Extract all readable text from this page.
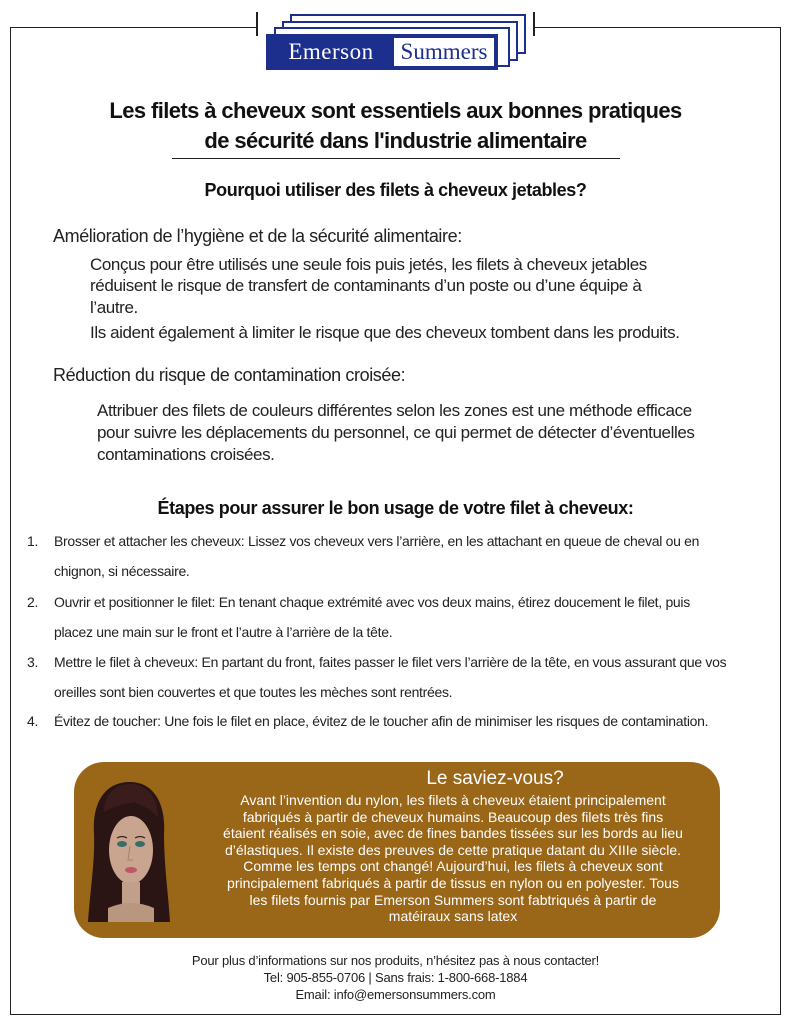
Emerson	Summers
Les filets à cheveux sont essentiels aux bonnes pratiques
de sécurité dans l'industrie alimentaire
Pourquoi utiliser des filets à cheveux jetables?
Amélioration de l’hygiène et de la sécurité alimentaire:
Conçus pour être utilisés une seule fois puis jetés, les filets à cheveux jetables
réduisent le risque de transfert de contaminants d’un poste ou d’une équipe à
l’autre.
Ils aident également à limiter le risque que des cheveux tombent dans les produits.
Réduction du risque de contamination croisée:
Attribuer des filets de couleurs différentes selon les zones est une méthode efficace
pour suivre les déplacements du personnel, ce qui permet de détecter d’éventuelles
contaminations croisées.
Étapes pour assurer le bon usage de votre filet à cheveux:
1. Brosser et attacher les cheveux: Lissez vos cheveux vers l’arrière, en les attachant en queue de cheval ou en
chignon, si nécessaire.
2. Ouvrir et positionner le filet: En tenant chaque extrémité avec vos deux mains, étirez doucement le filet, puis
placez une main sur le front et l’autre à l’arrière de la tête.
3. Mettre le filet à cheveux: En partant du front, faites passer le filet vers l’arrière de la tête, en vous assurant que vos
oreilles sont bien couvertes et que toutes les mèches sont rentrées.
4. Évitez de toucher: Une fois le filet en place, évitez de le toucher afin de minimiser les risques de contamination.
Le saviez-vous?
Avant l’invention du nylon, les filets à cheveux étaient principalement
fabriqués à partir de cheveux humains. Beaucoup des filets très fins
étaient réalisés en soie, avec de fines bandes tissées sur les bords au lieu
d’élastiques. Il existe des preuves de cette pratique datant du XIIIe siècle.
Comme les temps ont changé! Aujourd’hui, les filets à cheveux sont
principalement fabriqués à partir de tissus en nylon ou en polyester. Tous
les filets fournis par Emerson Summers sont fabtriqués à partir de
matéiraux sans latex
Pour plus d’informations sur nos produits, n’hésitez pas à nous contacter!
Tel: 905-855-0706 | Sans frais: 1-800-668-1884
Email: info@emersonsummers.com
